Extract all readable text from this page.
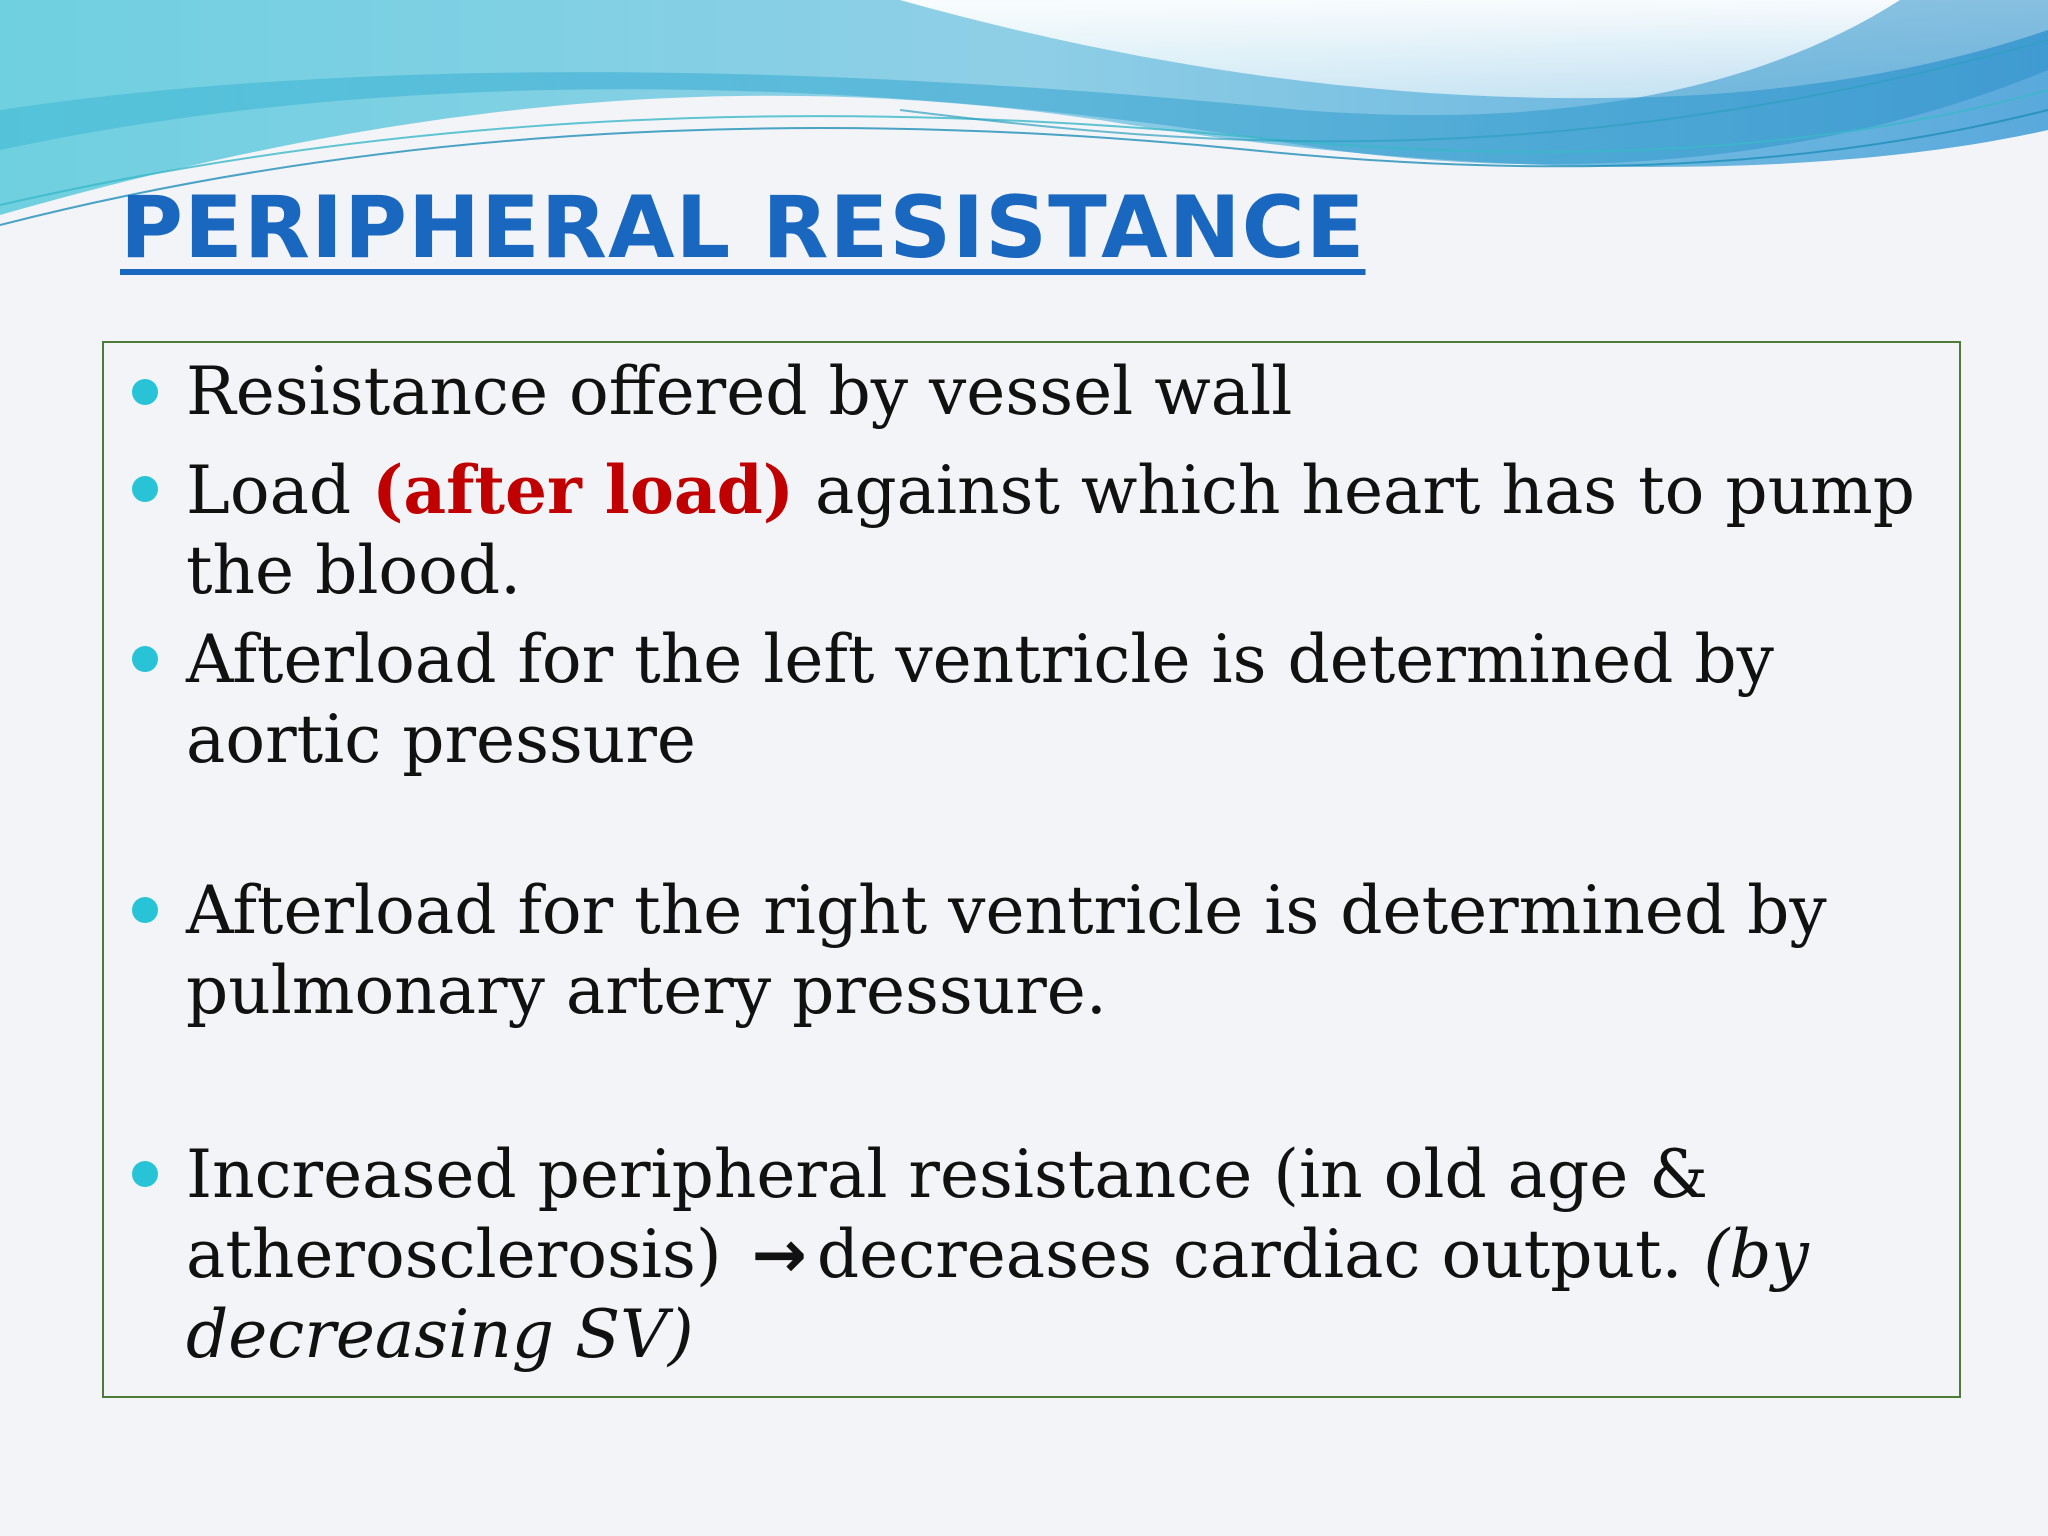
PERIPHERAL RESISTANCE
Resistance offered by vessel wall
Load (after load) against which heart has to pump the blood.
Afterload for the left ventricle is determined by aortic pressure
Afterload for the right ventricle is determined by pulmonary artery pressure.
Increased peripheral resistance (in old age & atherosclerosis) → decreases cardiac output. (by decreasing SV)
